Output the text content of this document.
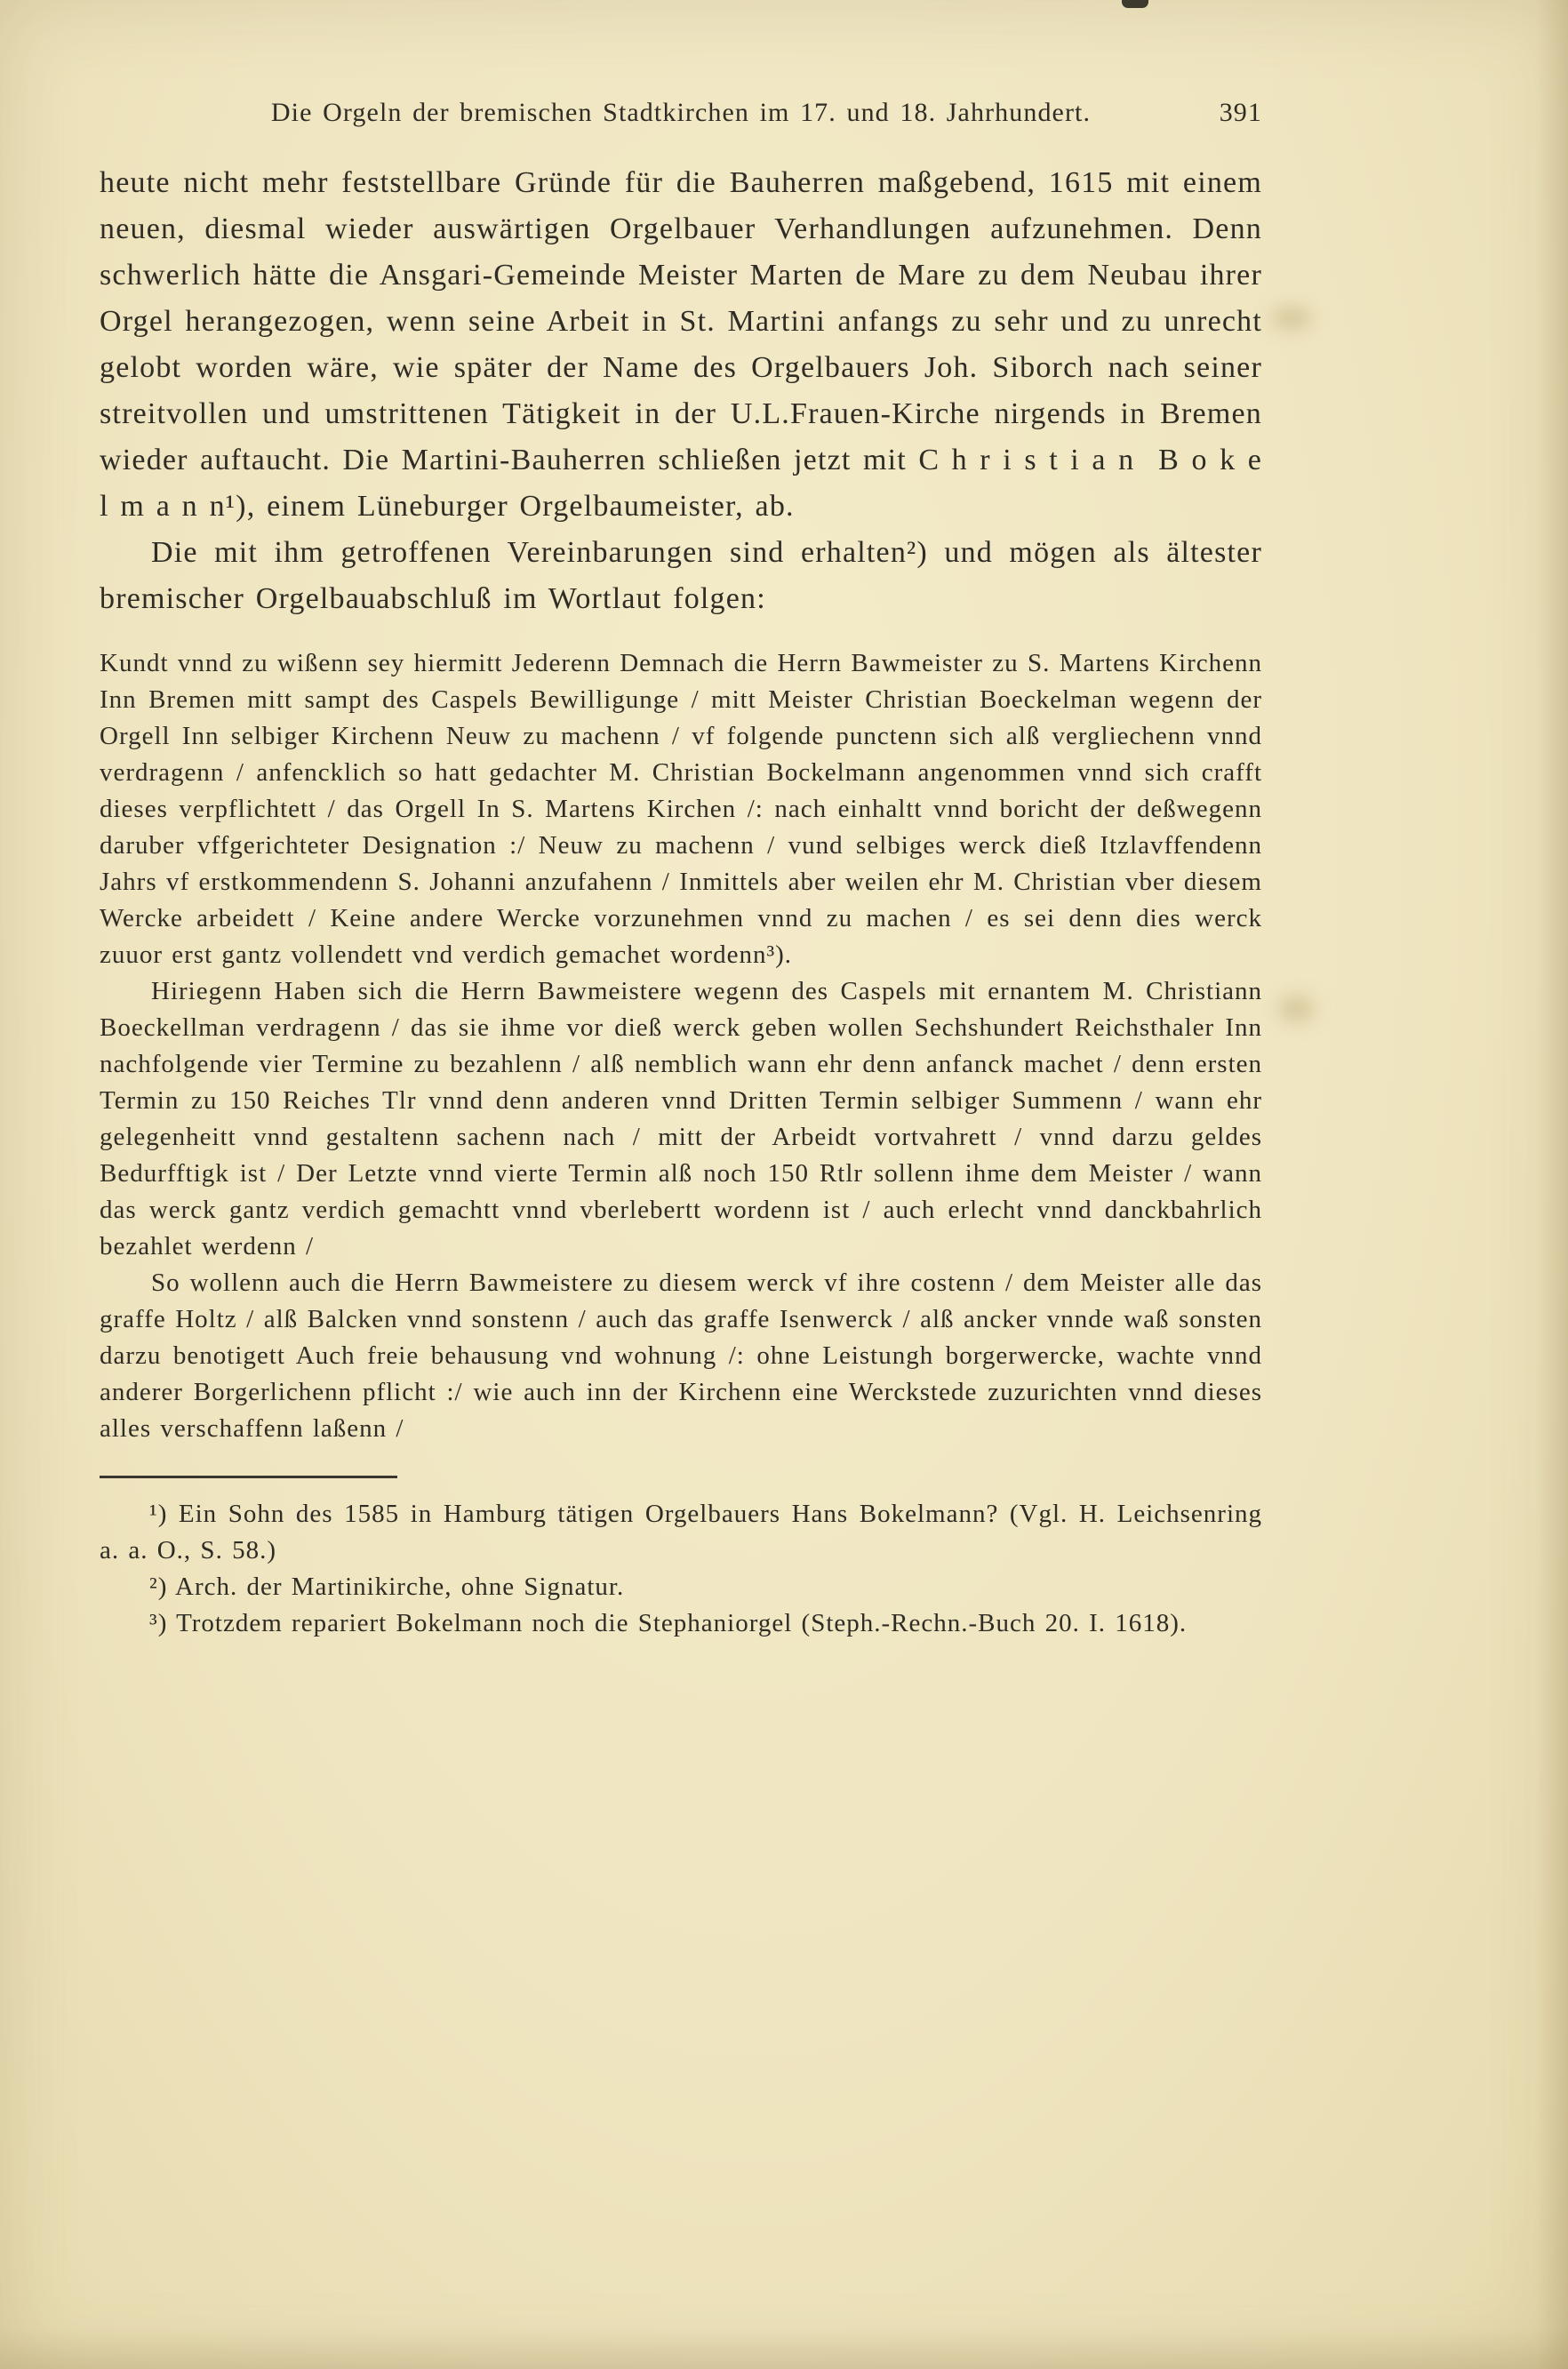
Die Orgeln der bremischen Stadtkirchen im 17. und 18. Jahrhundert.	391

heute nicht mehr feststellbare Gründe für die Bauherren maßgebend, 1615 mit einem neuen, diesmal wieder auswärtigen Orgelbauer Verhandlungen aufzunehmen. Denn schwerlich hätte die Ansgari-Gemeinde Meister Marten de Mare zu dem Neubau ihrer Orgel herangezogen, wenn seine Arbeit in St. Martini anfangs zu sehr und zu unrecht gelobt worden wäre, wie später der Name des Orgelbauers Joh. Siborch nach seiner streitvollen und umstrittenen Tätigkeit in der U.L.Frauen-Kirche nirgends in Bremen wieder auftaucht. Die Martini-Bauherren schließen jetzt mit C h r i s t i a n  B o k e l m a n n¹), einem Lüneburger Orgelbaumeister, ab.

Die mit ihm getroffenen Vereinbarungen sind erhalten²) und mögen als ältester bremischer Orgelbauabschluß im Wortlaut folgen:

Kundt vnnd zu wißenn sey hiermitt Jederenn Demnach die Herrn Bawmeister zu S. Martens Kirchenn Inn Bremen mitt sampt des Caspels Bewilligunge / mitt Meister Christian Boeckelman wegenn der Orgell Inn selbiger Kirchenn Neuw zu machenn / vf folgende punctenn sich alß vergliechenn vnnd verdragenn / anfencklich so hatt gedachter M. Christian Bockelmann angenommen vnnd sich crafft dieses verpflichtett / das Orgell In S. Martens Kirchen /: nach einhaltt vnnd boricht der deßwegenn daruber vffgerichteter Designation :/ Neuw zu machenn / vund selbiges werck dieß Itzlavffendenn Jahrs vf erstkommendenn S. Johanni anzufahenn / Inmittels aber weilen ehr M. Christian vber diesem Wercke arbeidett / Keine andere Wercke vorzunehmen vnnd zu machen / es sei denn dies werck zuuor erst gantz vollendett vnd verdich gemachet wordenn³).

Hiriegenn Haben sich die Herrn Bawmeistere wegenn des Caspels mit ernantem M. Christiann Boeckellman verdragenn / das sie ihme vor dieß werck geben wollen Sechshundert Reichsthaler Inn nachfolgende vier Termine zu bezahlenn / alß nemblich wann ehr denn anfanck machet / denn ersten Termin zu 150 Reiches Tlr vnnd denn anderen vnnd Dritten Termin selbiger Summenn / wann ehr gelegenheitt vnnd gestaltenn sachenn nach / mitt der Arbeidt vortvahrett / vnnd darzu geldes Bedurfftigk ist / Der Letzte vnnd vierte Termin alß noch 150 Rtlr sollenn ihme dem Meister / wann das werck gantz verdich gemachtt vnnd vberlebertt wordenn ist / auch erlecht vnnd danckbahrlich bezahlet werdenn /

So wollenn auch die Herrn Bawmeistere zu diesem werck vf ihre costenn / dem Meister alle das graffe Holtz / alß Balcken vnnd sonstenn / auch das graffe Isenwerck / alß ancker vnnde waß sonsten darzu benotigett Auch freie behausung vnd wohnung /: ohne Leistungh borgerwercke, wachte vnnd anderer Borgerlichenn pflicht :/ wie auch inn der Kirchenn eine Werckstede zuzurichten vnnd dieses alles verschaffenn laßenn /

¹) Ein Sohn des 1585 in Hamburg tätigen Orgelbauers Hans Bokelmann? (Vgl. H. Leichsenring a. a. O., S. 58.)

²) Arch. der Martinikirche, ohne Signatur.

³) Trotzdem repariert Bokelmann noch die Stephaniorgel (Steph.-Rechn.-Buch 20. I. 1618).
